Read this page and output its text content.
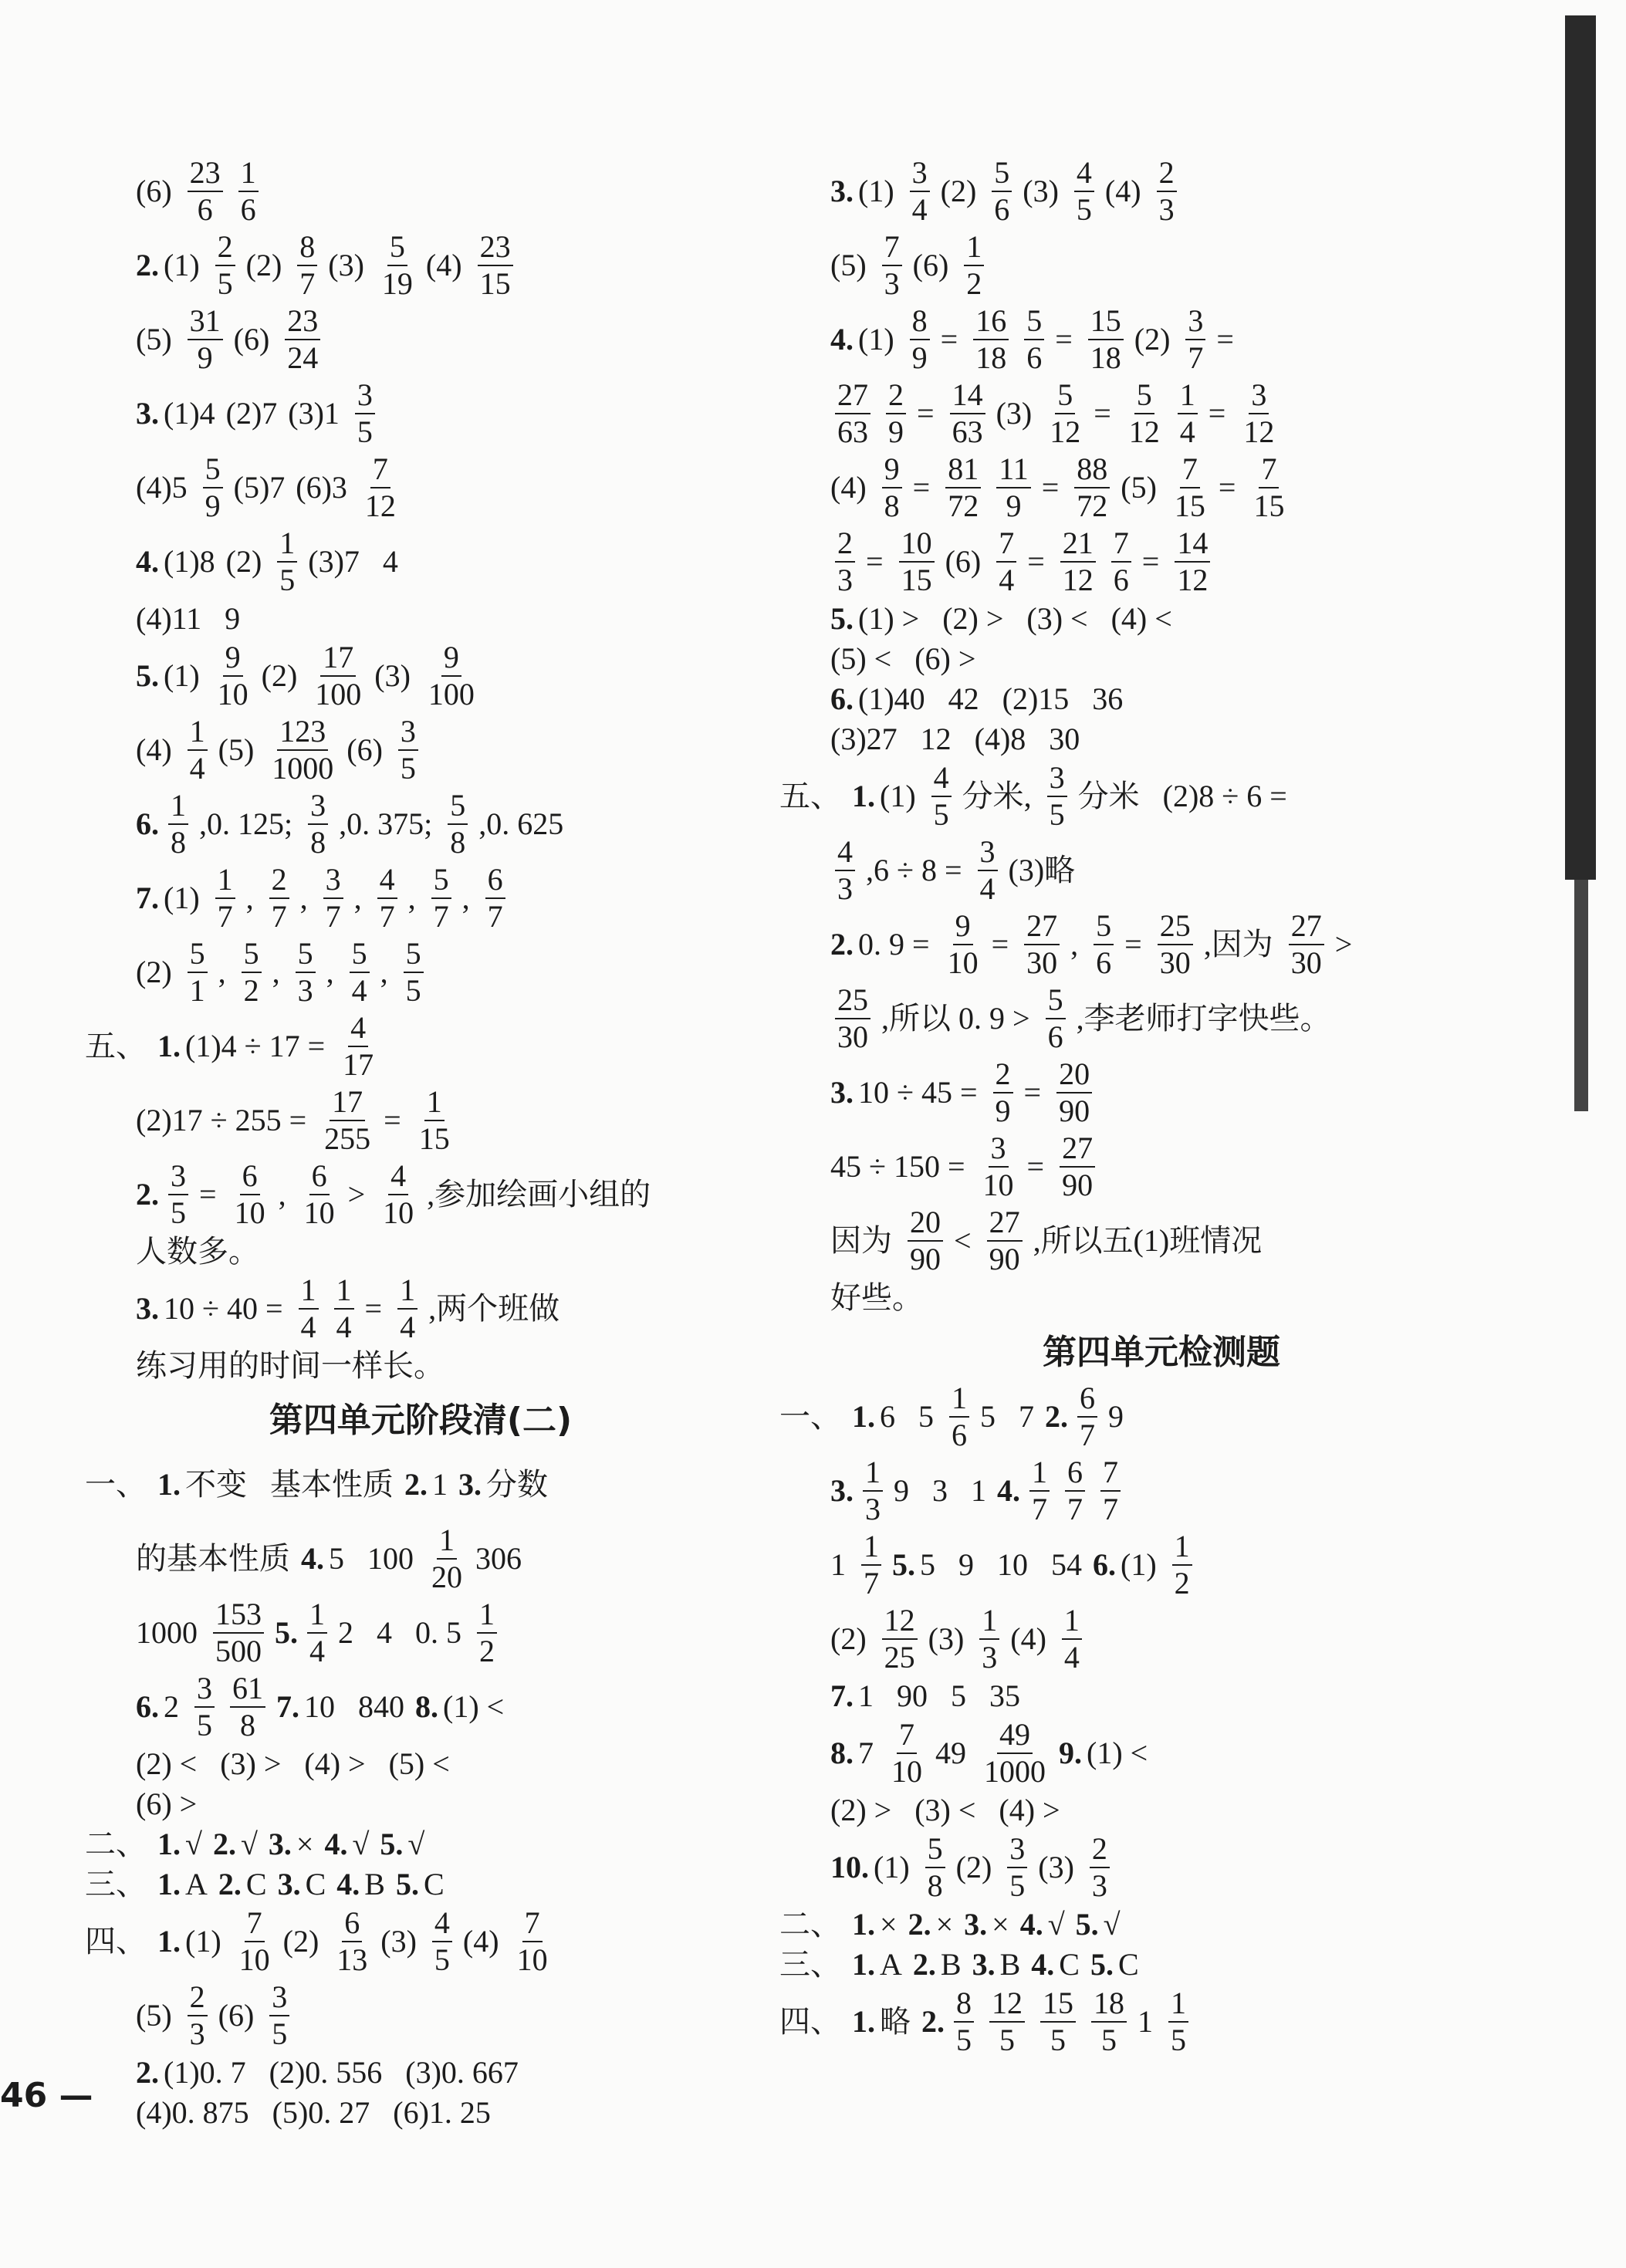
$(6) \frac{23}{6} \frac{1}{6}$
2. $(1) \frac{2}{5} (2) \frac{8}{7} (3) \frac{5}{19} (4) \frac{23}{15}$
$(5) \frac{31}{9} (6) \frac{23}{24}$
3. (1)4 (2)7 $(3)1 \frac{3}{5}$
$(4)5 \frac{5}{9} (5)7$ $(6)3 \frac{7}{12}$
4. (1)8 $(2) \frac{1}{5} (3)7$   4
(4)11   9
5. $(1) \frac{9}{10} (2) \frac{17}{100} (3) \frac{9}{100}$
$(4) \frac{1}{4} (5) \frac{123}{1000} (6) \frac{3}{5}$
6. $\frac{1}{8} ,0$. 125; $\frac{3}{8} ,0$. 375; $\frac{5}{8} ,0$. 625
7. $(1) \frac{1}{7}$ , $\frac{2}{7}$ , $\frac{3}{7}$ , $\frac{4}{7}$ , $\frac{5}{7}$ , $\frac{6}{7}$
$(2) \frac{5}{1}$ , $\frac{5}{2}$ , $\frac{5}{3}$ , $\frac{5}{4}$ , $\frac{5}{5}$
五、 1. $(1)4 \div 17 = \frac{4}{17}$
$(2)17 \div 255 = \frac{17}{255} = \frac{1}{15}$
2. $\frac{3}{5} = \frac{6}{10}$ , $\frac{6}{10} > \frac{4}{10}$ ,参加绘画小组的
人数多。
3. $10 \div 40 = \frac{1}{4} \frac{1}{4} = \frac{1}{4}$ ,两个班做
练习用的时间一样长。
第四单元阶段清(二)
一、 1. 不变   基本性质 2. 1 3. 分数
的基本性质 4. 5   $100 \frac{1}{20} 306$
$1000 \frac{153}{500} 5$. $\frac{1}{4} 2$   4   0. $5 \frac{1}{2}$
6. $2 \frac{3}{5} \frac{61}{8} 7$. 10   840 8. (1) <
(2) <   (3) >   (4) >   (5) <
(6) >
二、 1. √ 2. √ 3. × 4. √ 5. √
三、 1. A 2. C 3. C 4. B 5. C
四、 1. $(1) \frac{7}{10} (2) \frac{6}{13} (3) \frac{4}{5} (4) \frac{7}{10}$
$(5) \frac{2}{3} (6) \frac{3}{5}$
2. (1)0. 7   (2)0. 556   (3)0. 667
(4)0. 875   (5)0. 27   (6)1. 25
3. $(1) \frac{3}{4} (2) \frac{5}{6} (3) \frac{4}{5} (4) \frac{2}{3}$
$(5) \frac{7}{3} (6) \frac{1}{2}$
4. $(1) \frac{8}{9} = \frac{16}{18} \frac{5}{6} = \frac{15}{18} (2) \frac{3}{7}$ =
$\frac{27}{63} \frac{2}{9} = \frac{14}{63} (3) \frac{5}{12} = \frac{5}{12} \frac{1}{4} = \frac{3}{12}$
$(4) \frac{9}{8} = \frac{81}{72} \frac{11}{9} = \frac{88}{72} (5) \frac{7}{15} = \frac{7}{15}$
$\frac{2}{3} = \frac{10}{15} (6) \frac{7}{4} = \frac{21}{12} \frac{7}{6} = \frac{14}{12}$
5. (1) >   (2) >   (3) <   (4) <
(5) <   (6) >
6. (1)40   42   (2)15   36
(3)27   12   (4)8   30
五、 1. $(1) \frac{4}{5}$ 分米, $\frac{3}{5}$ 分米   (2)8 ÷ 6 =
$\frac{4}{3} ,6 \div 8 = \frac{3}{4} (3)$略
2. 0. $9 = \frac{9}{10} = \frac{27}{30}$ , $\frac{5}{6} = \frac{25}{30}$ ,因为 $\frac{27}{30}$ >
$\frac{25}{30}$ ,所以 0. $9 > \frac{5}{6}$ ,李老师打字快些。
3. $10 \div 45 = \frac{2}{9} = \frac{20}{90}$
$45 \div 150 = \frac{3}{10} = \frac{27}{90}$
因为 $\frac{20}{90} < \frac{27}{90}$ ,所以五(1)班情况
好些。
第四单元检测题
一、 1. 6   $5 \frac{1}{6} 5$   7 2. $\frac{6}{7} 9$
3. $\frac{1}{3} 9$   3   1 4. $\frac{1}{7} \frac{6}{7} \frac{7}{7}$
$1 \frac{1}{7} 5$. 5   9   10   54 6. $(1) \frac{1}{2}$
$(2) \frac{12}{25} (3) \frac{1}{3} (4) \frac{1}{4}$
7. 1   90   5   35
8. $7 \frac{7}{10} 49 \frac{49}{1000} 9$. (1) <
(2) >   (3) <   (4) >
10. $(1) \frac{5}{8} (2) \frac{3}{5} (3) \frac{2}{3}$
二、 1. × 2. × 3. × 4. √ 5. √
三、 1. A 2. B 3. B 4. C 5. C
四、 1. 略 2. $\frac{8}{5} \frac{12}{5} \frac{15}{5} \frac{18}{5} 1 \frac{1}{5}$
46 —
